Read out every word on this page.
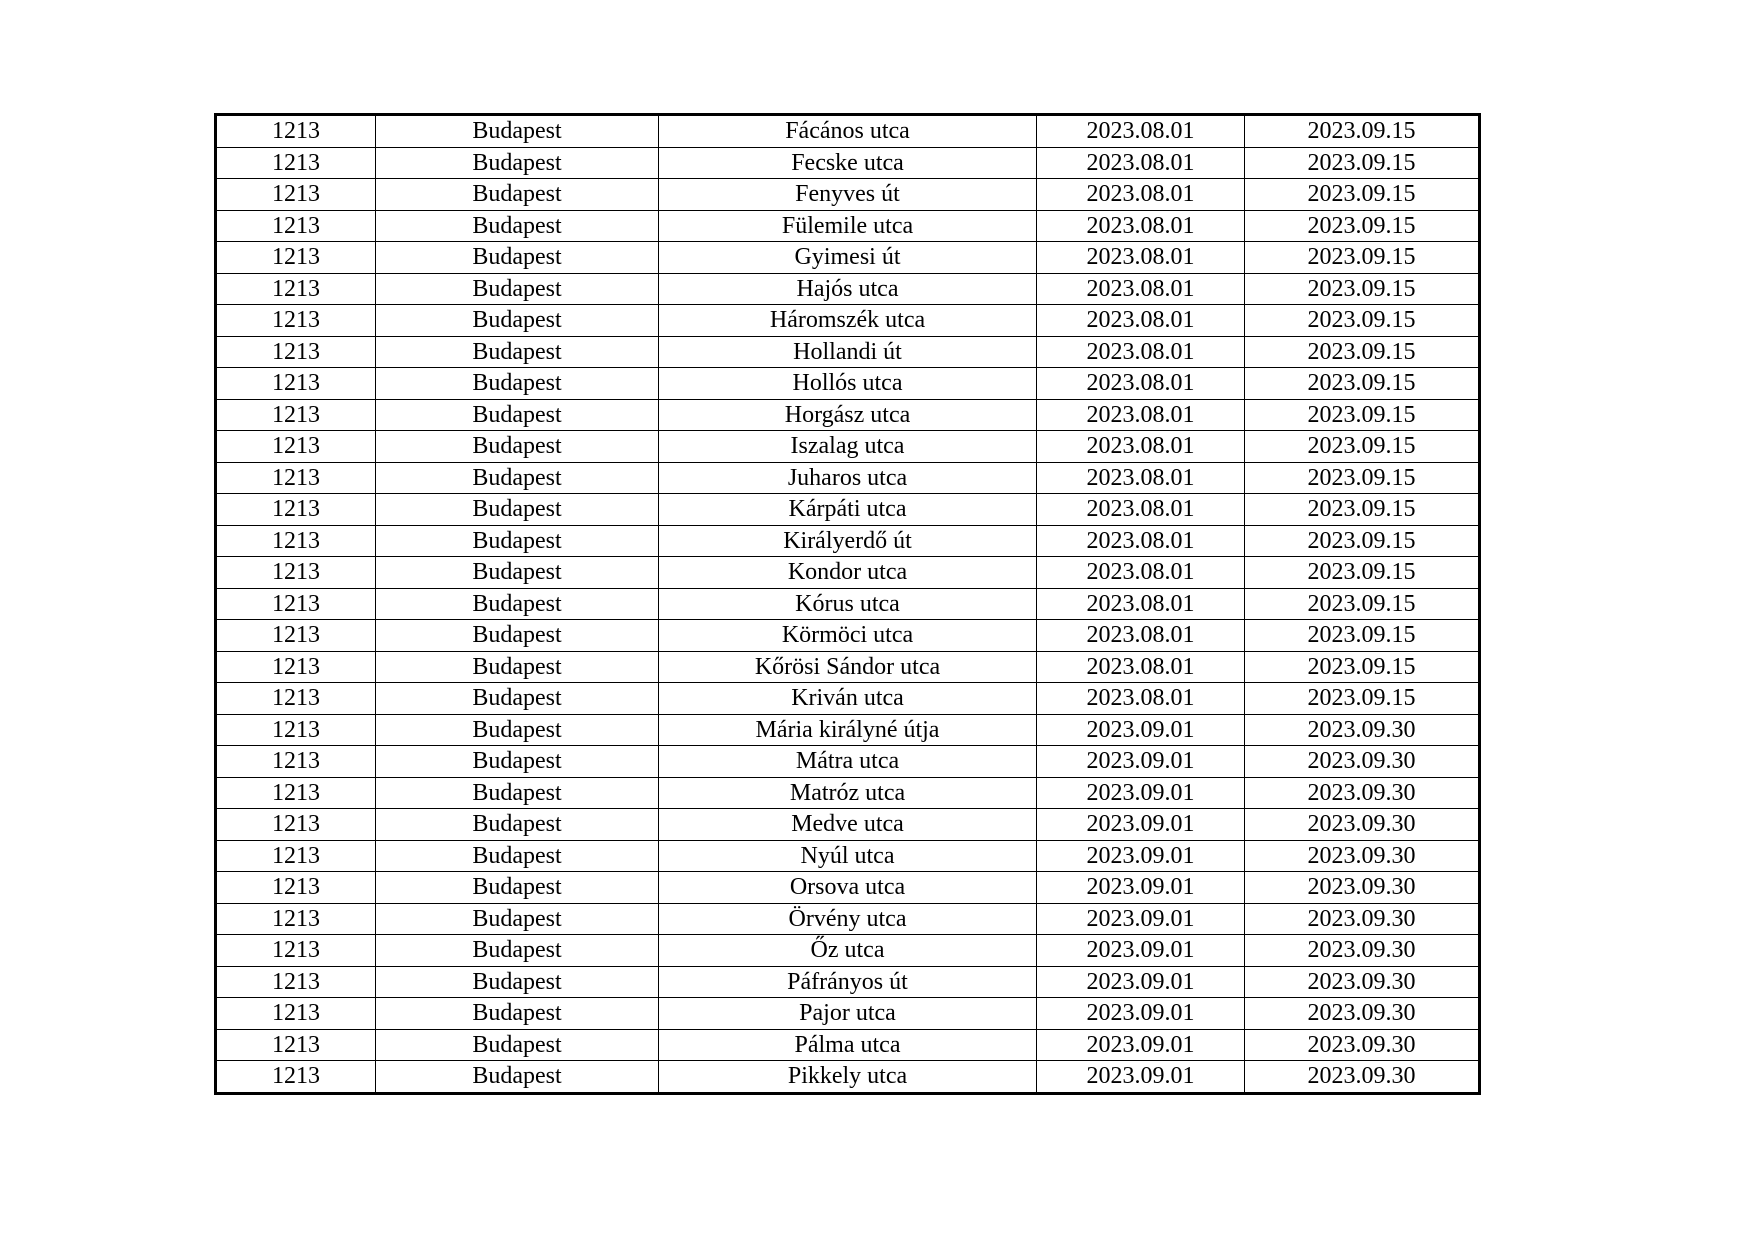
1213	Budapest	Fácános utca	2023.08.01	2023.09.15
1213	Budapest	Fecske utca	2023.08.01	2023.09.15
1213	Budapest	Fenyves út	2023.08.01	2023.09.15
1213	Budapest	Fülemile utca	2023.08.01	2023.09.15
1213	Budapest	Gyimesi út	2023.08.01	2023.09.15
1213	Budapest	Hajós utca	2023.08.01	2023.09.15
1213	Budapest	Háromszék utca	2023.08.01	2023.09.15
1213	Budapest	Hollandi út	2023.08.01	2023.09.15
1213	Budapest	Hollós utca	2023.08.01	2023.09.15
1213	Budapest	Horgász utca	2023.08.01	2023.09.15
1213	Budapest	Iszalag utca	2023.08.01	2023.09.15
1213	Budapest	Juharos utca	2023.08.01	2023.09.15
1213	Budapest	Kárpáti utca	2023.08.01	2023.09.15
1213	Budapest	Királyerdő út	2023.08.01	2023.09.15
1213	Budapest	Kondor utca	2023.08.01	2023.09.15
1213	Budapest	Kórus utca	2023.08.01	2023.09.15
1213	Budapest	Körmöci utca	2023.08.01	2023.09.15
1213	Budapest	Kőrösi Sándor utca	2023.08.01	2023.09.15
1213	Budapest	Kriván utca	2023.08.01	2023.09.15
1213	Budapest	Mária királyné útja	2023.09.01	2023.09.30
1213	Budapest	Mátra utca	2023.09.01	2023.09.30
1213	Budapest	Matróz utca	2023.09.01	2023.09.30
1213	Budapest	Medve utca	2023.09.01	2023.09.30
1213	Budapest	Nyúl utca	2023.09.01	2023.09.30
1213	Budapest	Orsova utca	2023.09.01	2023.09.30
1213	Budapest	Örvény utca	2023.09.01	2023.09.30
1213	Budapest	Őz utca	2023.09.01	2023.09.30
1213	Budapest	Páfrányos út	2023.09.01	2023.09.30
1213	Budapest	Pajor utca	2023.09.01	2023.09.30
1213	Budapest	Pálma utca	2023.09.01	2023.09.30
1213	Budapest	Pikkely utca	2023.09.01	2023.09.30
